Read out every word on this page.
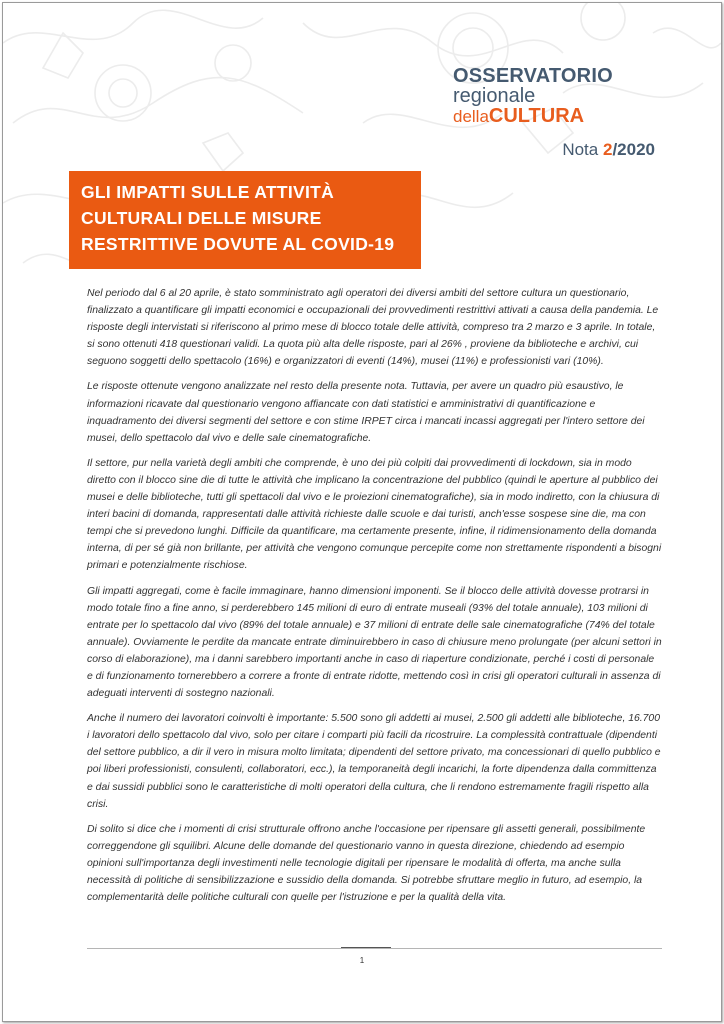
OSSERVATORIO
regionale
dellaCULTURA
Nota 2/2020
GLI IMPATTI SULLE ATTIVITÀ
CULTURALI DELLE MISURE
RESTRITTIVE DOVUTE AL COVID-19

Nel periodo dal 6 al 20 aprile, è stato somministrato agli operatori dei diversi ambiti del settore cultura un questionario, finalizzato a quantificare gli impatti economici e occupazionali dei provvedimenti restrittivi attivati a causa della pandemia. Le risposte degli intervistati si riferiscono al primo mese di blocco totale delle attività, compreso tra 2 marzo e 3 aprile. In totale, si sono ottenuti 418 questionari validi. La quota più alta delle risposte, pari al 26% , proviene da biblioteche e archivi, cui seguono soggetti dello spettacolo (16%) e organizzatori di eventi (14%), musei (11%) e professionisti vari (10%).

Le risposte ottenute vengono analizzate nel resto della presente nota. Tuttavia, per avere un quadro più esaustivo, le informazioni ricavate dal questionario vengono affiancate con dati statistici e amministrativi di quantificazione e inquadramento dei diversi segmenti del settore e con stime IRPET circa i mancati incassi aggregati per l'intero settore dei musei, dello spettacolo dal vivo e delle sale cinematografiche.

Il settore, pur nella varietà degli ambiti che comprende, è uno dei più colpiti dai provvedimenti di lockdown, sia in modo diretto con il blocco sine die di tutte le attività che implicano la concentrazione del pubblico (quindi le aperture al pubblico dei musei e delle biblioteche, tutti gli spettacoli dal vivo e le proiezioni cinematografiche), sia in modo indiretto, con la chiusura di interi bacini di domanda, rappresentati dalle attività richieste dalle scuole e dai turisti, anch'esse sospese sine die, ma con tempi che si prevedono lunghi. Difficile da quantificare, ma certamente presente, infine, il ridimensionamento della domanda interna, di per sé già non brillante, per attività che vengono comunque percepite come non strettamente rispondenti a bisogni primari e potenzialmente rischiose.

Gli impatti aggregati, come è facile immaginare, hanno dimensioni imponenti. Se il blocco delle attività dovesse protrarsi in modo totale fino a fine anno, si perderebbero 145 milioni di euro di entrate museali (93% del totale annuale), 103 milioni di entrate per lo spettacolo dal vivo (89% del totale annuale) e 37 milioni di entrate delle sale cinematografiche (74% del totale annuale). Ovviamente le perdite da mancate entrate diminuirebbero in caso di chiusure meno prolungate (per alcuni settori in corso di elaborazione), ma i danni sarebbero importanti anche in caso di riaperture condizionate, perché i costi di personale e di funzionamento tornerebbero a correre a fronte di entrate ridotte, mettendo così in crisi gli operatori culturali in assenza di adeguati interventi di sostegno nazionali.

Anche il numero dei lavoratori coinvolti è importante: 5.500 sono gli addetti ai musei, 2.500 gli addetti alle biblioteche, 16.700 i lavoratori dello spettacolo dal vivo, solo per citare i comparti più facili da ricostruire. La complessità contrattuale (dipendenti del settore pubblico, a dir il vero in misura molto limitata; dipendenti del settore privato, ma concessionari di quello pubblico e poi liberi professionisti, consulenti, collaboratori, ecc.), la temporaneità degli incarichi, la forte dipendenza dalla committenza e dai sussidi pubblici sono le caratteristiche di molti operatori della cultura, che li rendono estremamente fragili rispetto alla crisi.

Di solito si dice che i momenti di crisi strutturale offrono anche l'occasione per ripensare gli assetti generali, possibilmente correggendone gli squilibri. Alcune delle domande del questionario vanno in questa direzione, chiedendo ad esempio opinioni sull'importanza degli investimenti nelle tecnologie digitali per ripensare le modalità di offerta, ma anche sulla necessità di politiche di sensibilizzazione e sussidio della domanda. Si potrebbe sfruttare meglio in futuro, ad esempio, la complementarità delle politiche culturali con quelle per l'istruzione e per la qualità della vita.

1
